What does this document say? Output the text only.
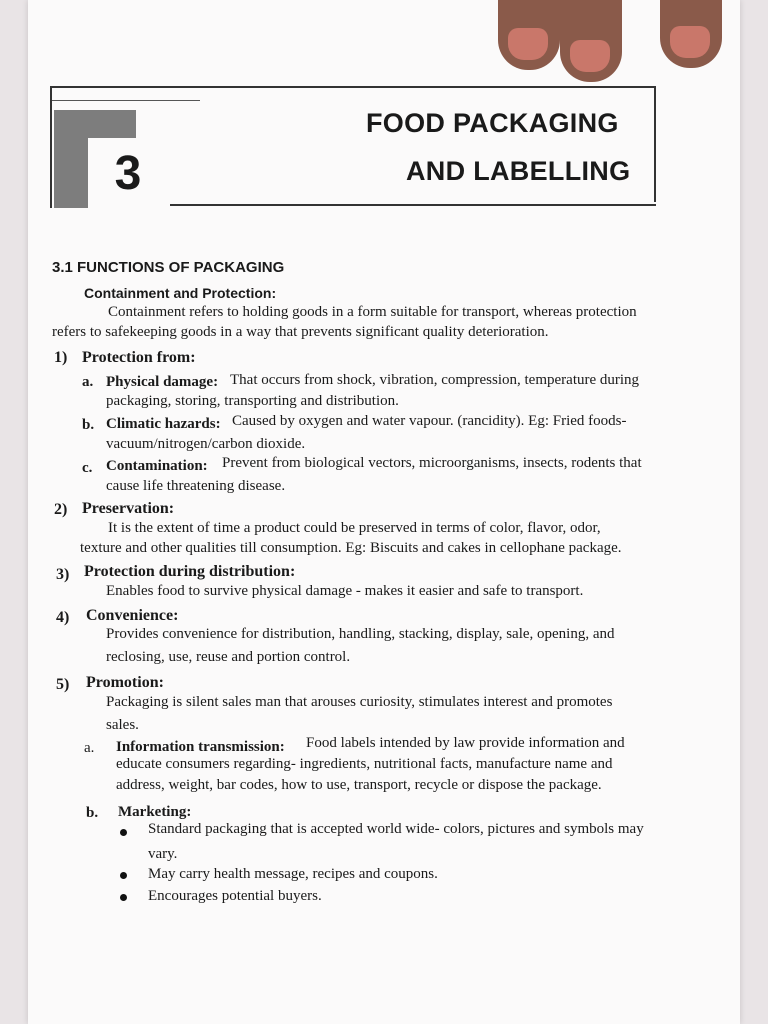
3
FOOD PACKAGING
AND LABELLING
3.1 FUNCTIONS OF PACKAGING
Containment and Protection:
Containment refers to holding goods in a form suitable for transport, whereas protection
refers to safekeeping goods in a way that prevents significant quality deterioration.
1) Protection from:
a. Physical damage: That occurs from shock, vibration, compression, temperature during
packaging, storing, transporting and distribution.
b. Climatic hazards: Caused by oxygen and water vapour. (rancidity). Eg: Fried foods-
vacuum/nitrogen/carbon dioxide.
c. Contamination: Prevent from biological vectors, microorganisms, insects, rodents that
cause life threatening disease.
2) Preservation:
It is the extent of time a product could be preserved in terms of color, flavor, odor,
texture and other qualities till consumption. Eg: Biscuits and cakes in cellophane package.
3) Protection during distribution:
Enables food to survive physical damage - makes it easier and safe to transport.
4) Convenience:
Provides convenience for distribution, handling, stacking, display, sale, opening, and
reclosing, use, reuse and portion control.
5) Promotion:
Packaging is silent sales man that arouses curiosity, stimulates interest and promotes
sales.
a. Information transmission: Food labels intended by law provide information and
educate consumers regarding- ingredients, nutritional facts, manufacture name and
address, weight, bar codes, how to use, transport, recycle or dispose the package.
b. Marketing:
Standard packaging that is accepted world wide- colors, pictures and symbols may
vary.
May carry health message, recipes and coupons.
Encourages potential buyers.
